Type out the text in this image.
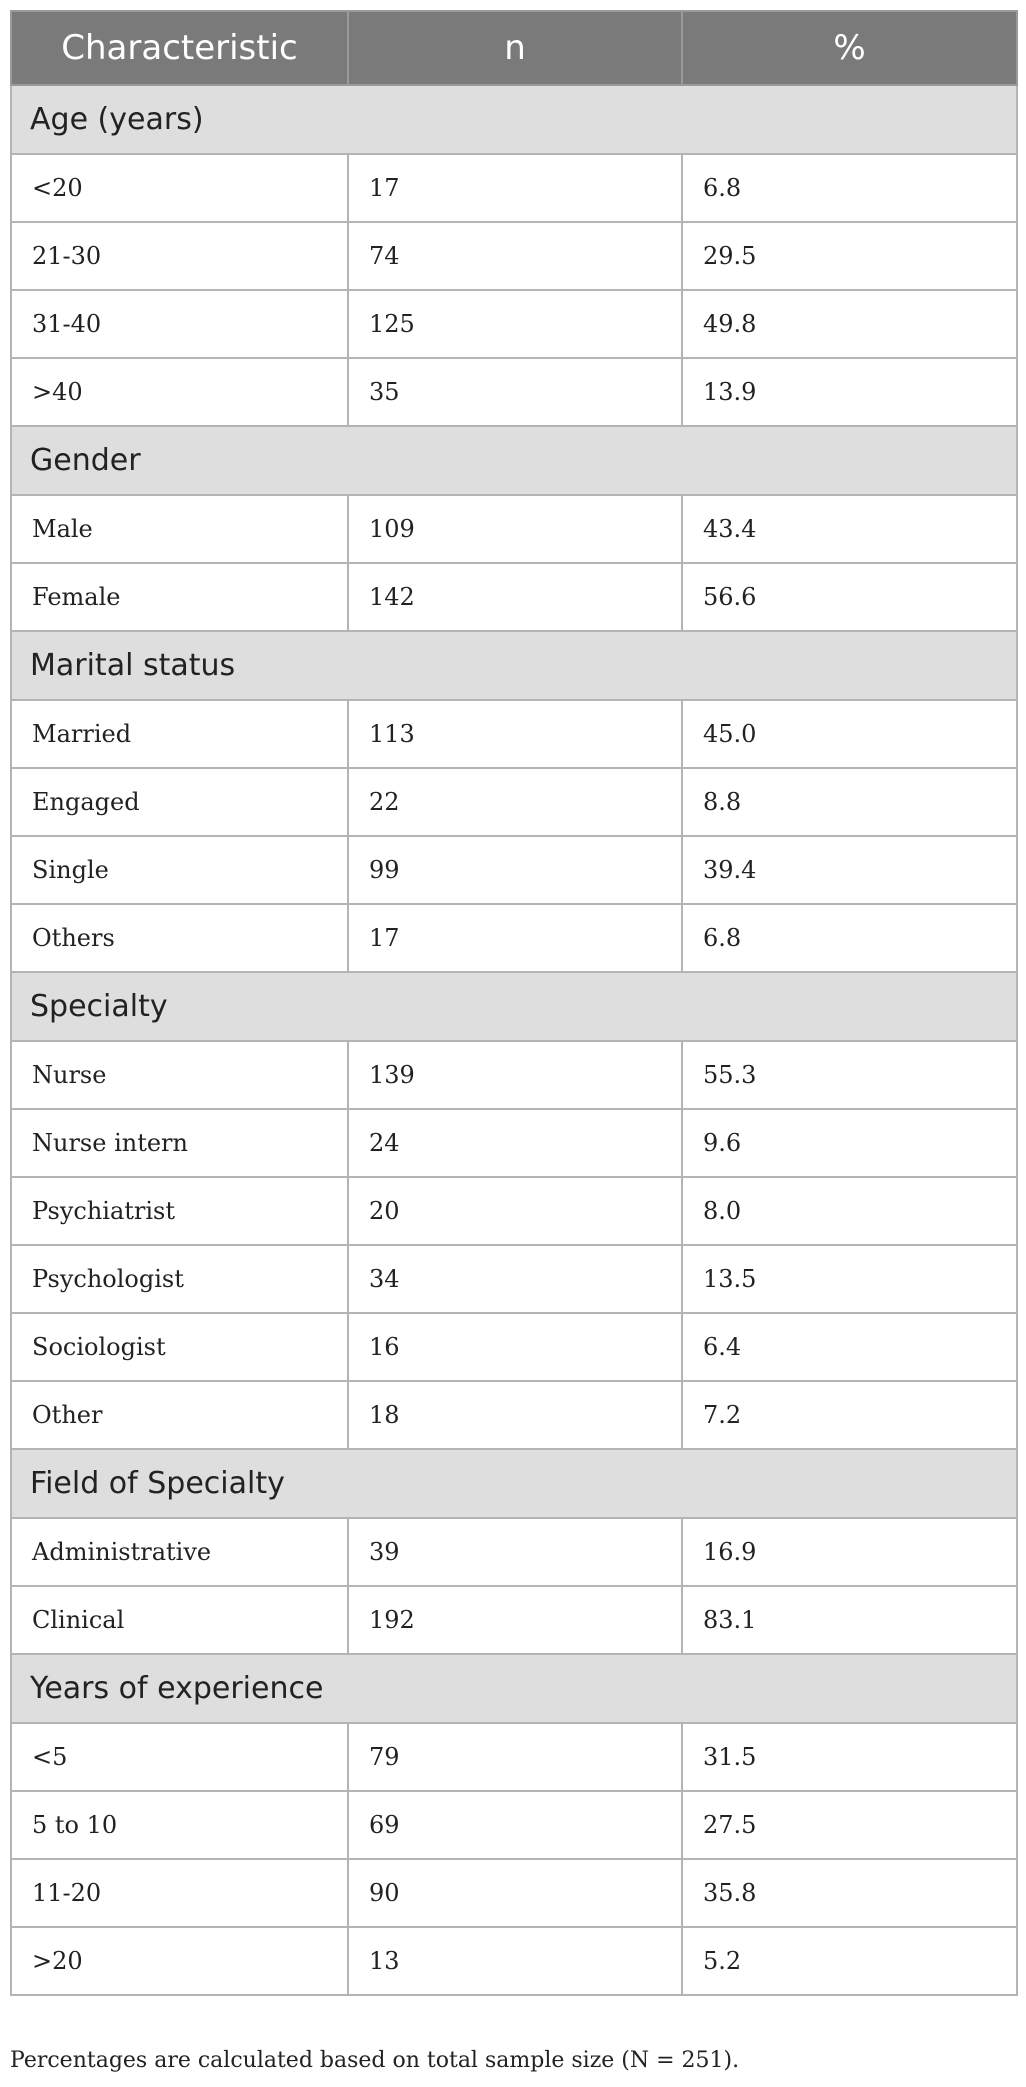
Characteristic	n	%
Age (years)		
<20	17	6.8
21-30	74	29.5
31-40	125	49.8
>40	35	13.9
Gender		
Male	109	43.4
Female	142	56.6
Marital status		
Married	113	45.0
Engaged	22	8.8
Single	99	39.4
Others	17	6.8
Specialty		
Nurse	139	55.3
Nurse intern	24	9.6
Psychiatrist	20	8.0
Psychologist	34	13.5
Sociologist	16	6.4
Other	18	7.2
Field of Specialty		
Administrative	39	16.9
Clinical	192	83.1
Years of experience		
<5	79	31.5
5 to 10	69	27.5
11-20	90	35.8
>20	13	5.2
Percentages are calculated based on total sample size (N = 251).
